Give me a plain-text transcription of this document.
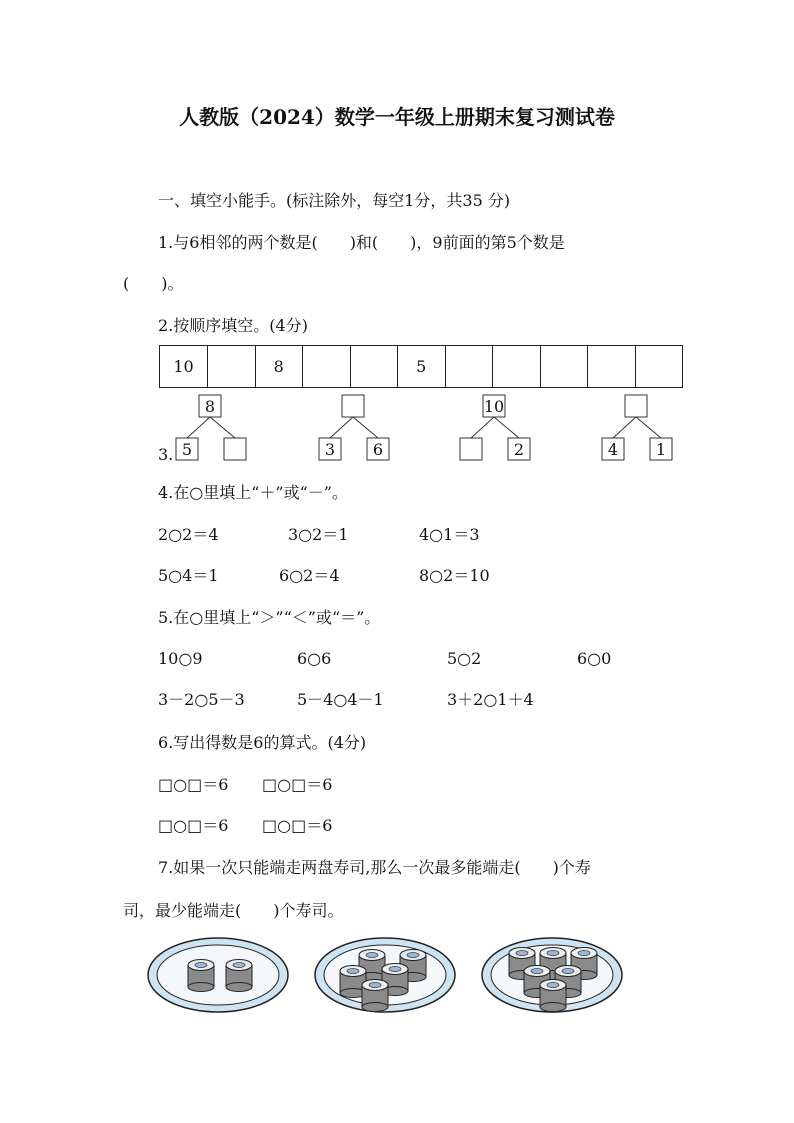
人教版（2024）数学一年级上册期末复习测试卷
一、填空小能手。(标注除外，每空1分，共35 分)
1.与6相邻的两个数是(　　)和(　　)，9前面的第5个数是
(　　)。
2.按顺序填空。(4分)
10	8	5
3.
8
5	3 6
10
2	4 1
4.在○里填上“＋”或“－”。
2○2＝4	3○2＝1	4○1＝3
5○4＝1	6○2＝4	8○2＝10
5.在○里填上“＞”“＜”或“＝”。
10○9	6○6	5○2	6○0
3－2○5－3	5－4○4－1	3＋2○1＋4
6.写出得数是6的算式。(4分)
□○□＝6 □○□＝6
□○□＝6 □○□＝6
7.如果一次只能端走两盘寿司,那么一次最多能端走(　　)个寿
司，最少能端走(　　)个寿司。
